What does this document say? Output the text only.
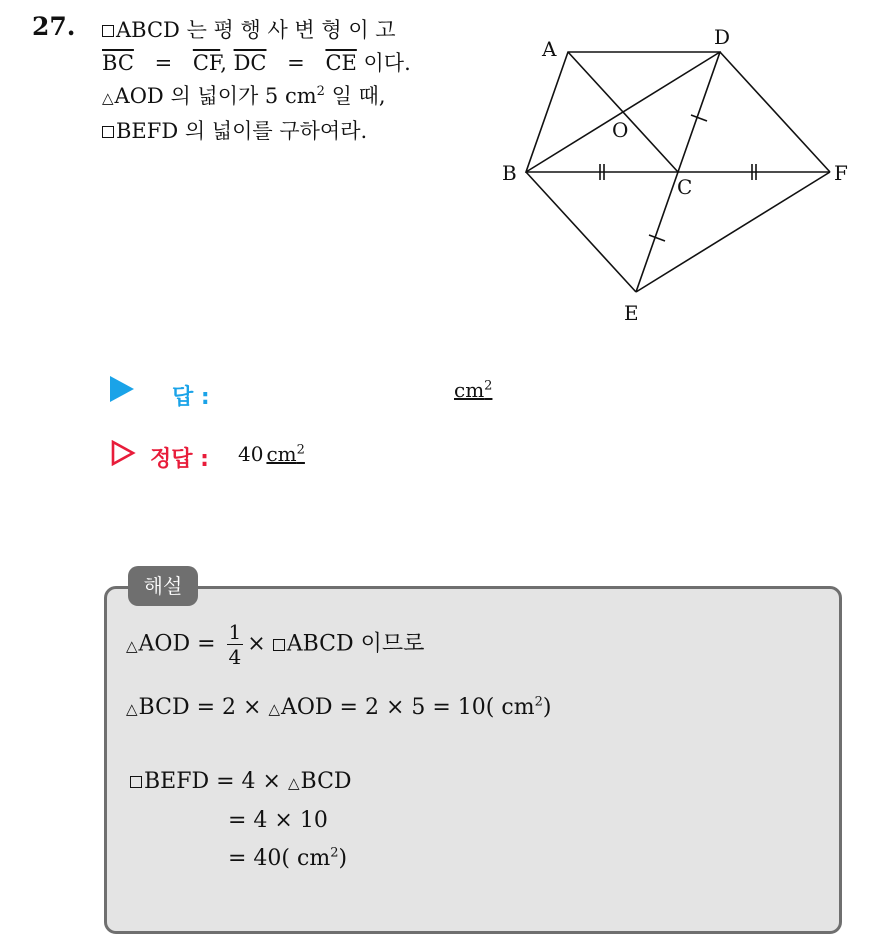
27.	ABCD 는 평 행 사 변 형 이 고
$\overline{BC} = \overline{CF}$, $\overline{DC} = \overline{CE}$ 이다.
△AOD 의 넓이가 5 $cm^2$ 일 때,
BEFD 의 넓이를 구하여라.
A	D
O
B
C
F
E
답 :	$cm^2$
정답 : 40 $cm^2$
해설
△AOD = $\frac{1}{4}$ × ABCD 이므로
△BCD = 2 × △AOD = 2 × 5 = 10( $cm^2$)
BEFD = 4 × △BCD
= 4 × 10
= 40( $cm^2$)
